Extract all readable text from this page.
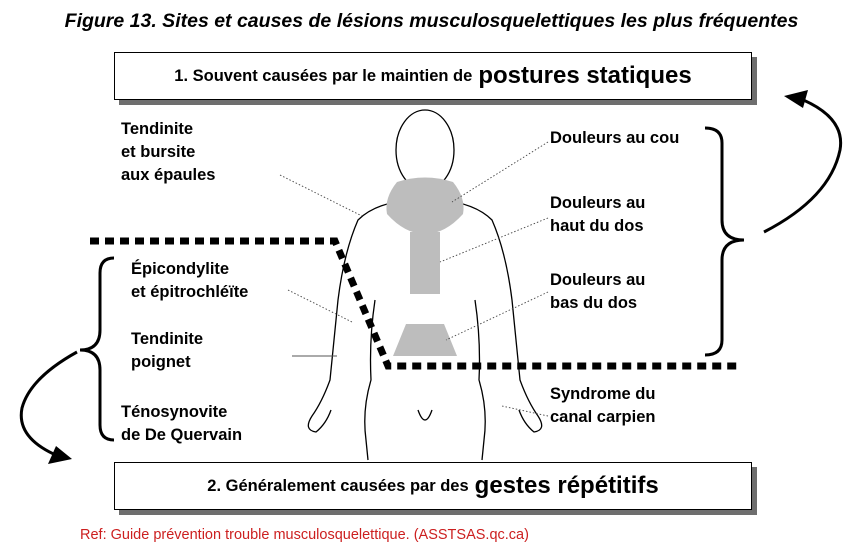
Figure 13. Sites et causes de lésions musculosquelettiques les plus fréquentes
1. Souvent causées par le maintien de postures statiques
2. Généralement causées par des gestes répétitifs
Tendinite
et bursite
aux épaules
Épicondylite
et épitrochléïte
Tendinite
poignet
Ténosynovite
de De Quervain
Douleurs au cou
Douleurs au
haut du dos
Douleurs au
bas du dos
Syndrome du
canal carpien
Ref: Guide prévention trouble musculosquelettique. (ASSTSAS.qc.ca)
